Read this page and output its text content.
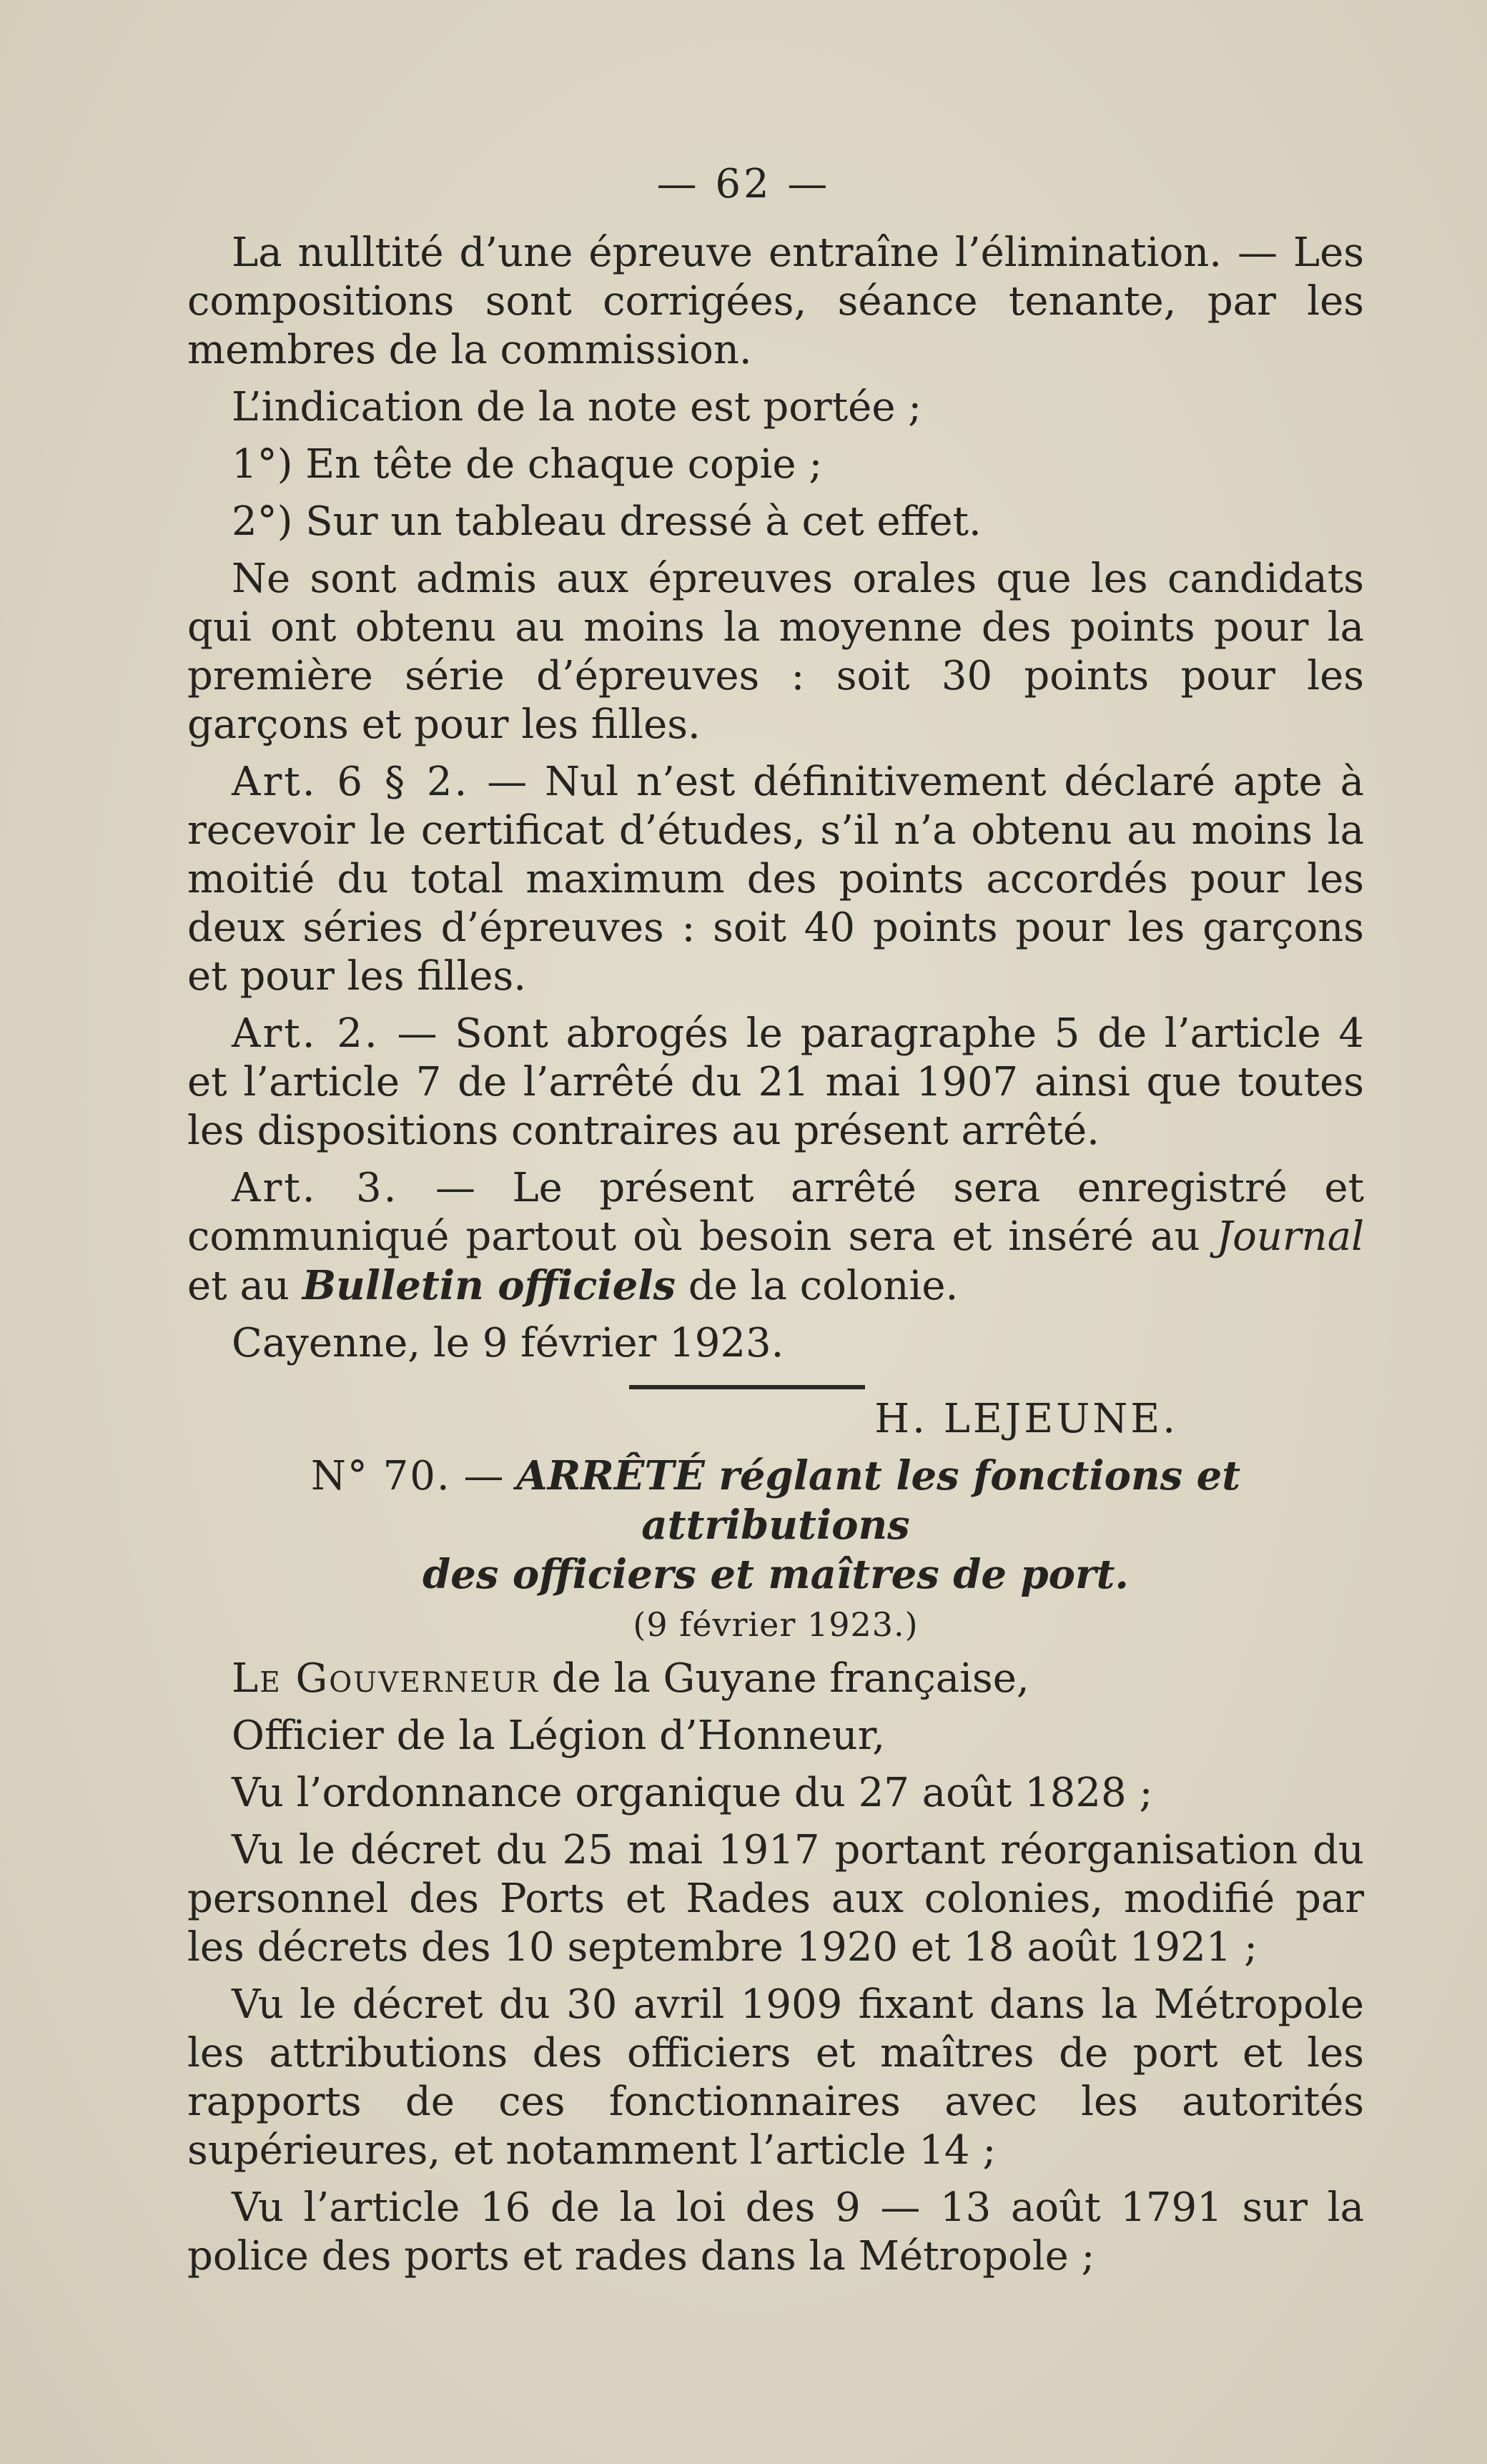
— 62 —

La nulltité d’une épreuve entraîne l’élimination. — Les compositions sont corrigées, séance tenante, par les membres de la commission.

L’indication de la note est portée ;

1°) En tête de chaque copie ;

2°) Sur un tableau dressé à cet effet.

Ne sont admis aux épreuves orales que les candidats qui ont obtenu au moins la moyenne des points pour la première série d’épreuves : soit 30 points pour les garçons et pour les filles.

Art. 6 § 2. — Nul n’est définitivement déclaré apte à recevoir le certificat d’études, s’il n’a obtenu au moins la moitié du total maximum des points accordés pour les deux séries d’épreuves : soit 40 points pour les garçons et pour les filles.

Art. 2. — Sont abrogés le paragraphe 5 de l’article 4 et l’article 7 de l’arrêté du 21 mai 1907 ainsi que toutes les dispositions contraires au présent arrêté.

Art. 3. — Le présent arrêté sera enregistré et communiqué partout où besoin sera et inséré au Journal et au Bulletin officiels de la colonie.

Cayenne, le 9 février 1923.

H. LEJEUNE.

N° 70. — ARRÊTÉ réglant les fonctions et attributions

des officiers et maîtres de port.

(9 février 1923.)

Le Gouverneur de la Guyane française,

Officier de la Légion d’Honneur,

Vu l’ordonnance organique du 27 août 1828 ;

Vu le décret du 25 mai 1917 portant réorganisation du personnel des Ports et Rades aux colonies, modifié par les décrets des 10 septembre 1920 et 18 août 1921 ;

Vu le décret du 30 avril 1909 fixant dans la Métropole les attributions des officiers et maîtres de port et les rapports de ces fonctionnaires avec les autorités supérieures, et notamment l’article 14 ;

Vu l’article 16 de la loi des 9 — 13 août 1791 sur la police des ports et rades dans la Métropole ;
